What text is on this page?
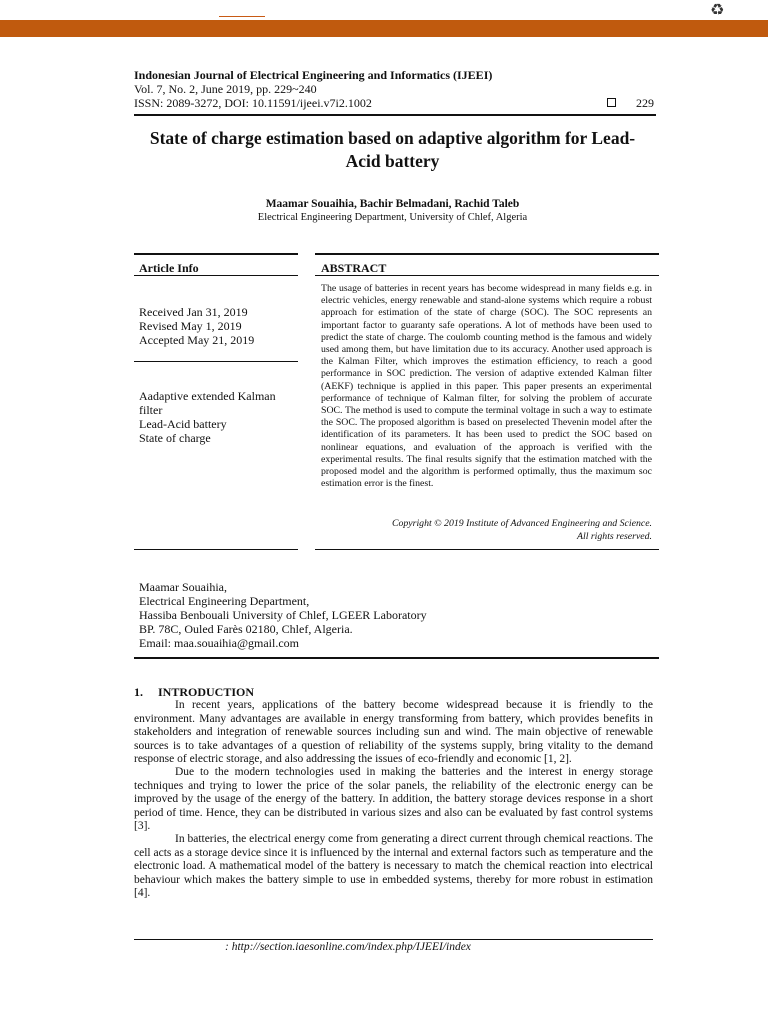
♻
Indonesian Journal of Electrical Engineering and Informatics (IJEEI)
Vol. 7, No. 2, June 2019, pp. 229~240
ISSN: 2089-3272, DOI: 10.11591/ijeei.v7i2.1002	229
State of charge estimation based on adaptive algorithm for Lead-Acid battery
Maamar Souaihia, Bachir Belmadani, Rachid Taleb
Electrical Engineering Department, University of Chlef, Algeria
Article Info	ABSTRACT
Received Jan 31, 2019
Revised May 1, 2019
Accepted May 21, 2019
Aadaptive extended Kalman filter
Lead-Acid battery
State of charge
The usage of batteries in recent years has become widespread in many fields e.g. in electric vehicles, energy renewable and stand-alone systems which require a robust approach for estimation of the state of charge (SOC). The SOC represents an important factor to guaranty safe operations. A lot of methods have been used to predict the state of charge. The coulomb counting method is the famous and widely used among them, but have limitation due to its accuracy. Another used approach is the Kalman Filter, which improves the estimation efficiency, to reach a good performance in SOC prediction. The version of adaptive extended Kalman filter (AEKF) technique is applied in this paper. This paper presents an experimental performance of technique of Kalman filter, for solving the problem of accurate SOC. The method is used to compute the terminal voltage in such a way to estimate the SOC. The proposed algorithm is based on preselected Thevenin model after the identification of its parameters. It has been used to predict the SOC based on nonlinear equations, and evaluation of the approach is verified with the experimental results. The final results signify that the estimation matched with the proposed model and the algorithm is performed optimally, thus the maximum soc estimation error is the finest.
Copyright © 2019 Institute of Advanced Engineering and Science.
All rights reserved.
Maamar Souaihia,
Electrical Engineering Department,
Hassiba Benbouali University of Chlef, LGEER Laboratory
BP. 78C, Ouled Farès 02180, Chlef, Algeria.
Email: maa.souaihia@gmail.com
1. INTRODUCTION

In recent years, applications of the battery become widespread because it is friendly to the environment. Many advantages are available in energy transforming from battery, which provides benefits in stakeholders and integration of renewable sources including sun and wind. The main objective of renewable sources is to take advantages of a question of reliability of the systems supply, bring vitality to the demand response of electric storage, and also addressing the issues of eco-friendly and economic [1, 2].

Due to the modern technologies used in making the batteries and the interest in energy storage techniques and trying to lower the price of the solar panels, the reliability of the electronic energy can be improved by the usage of the energy of the battery. In addition, the battery storage devices response in a short period of time. Hence, they can be distributed in various sizes and also can be evaluated by fast control systems [3].

In batteries, the electrical energy come from generating a direct current through chemical reactions. The cell acts as a storage device since it is influenced by the internal and external factors such as temperature and the electronic load. A mathematical model of the battery is necessary to match the chemical reaction into electrical behaviour which makes the battery simple to use in embedded systems, thereby for more robust in estimation [4].

: http://section.iaesonline.com/index.php/IJEEI/index
